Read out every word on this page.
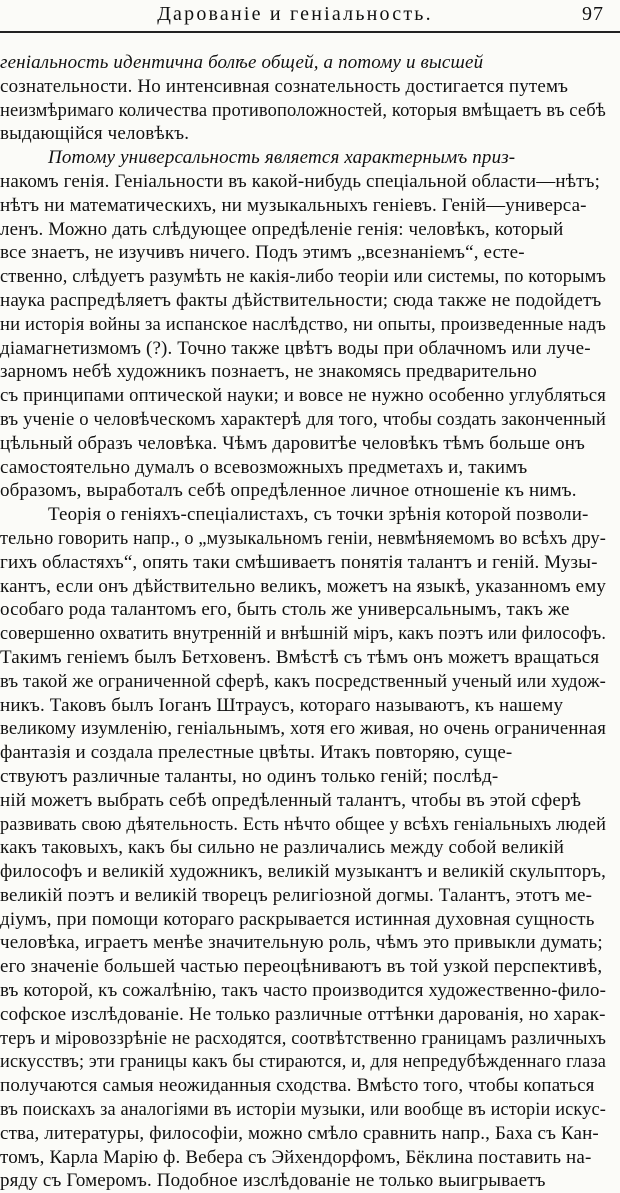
Дарованіе и геніальность.	97
геніальность идентична болѣе общей, а потому и высшей
сознательности. Но интенсивная сознательность достигается путемъ
неизмѣримаго количества противоположностей, которыя вмѣщаетъ въ себѣ
выдающійся человѣкъ.
Потому универсальность является характернымъ приз-
накомъ генія. Геніальности въ какой-нибудь спеціальной области—нѣтъ;
нѣтъ ни математическихъ, ни музыкальныхъ геніевъ. Геній—универса-
ленъ. Можно дать слѣдующее опредѣленіе генія: человѣкъ, который
все знаетъ, не изучивъ ничего. Подъ этимъ „всезнаніемъ“, есте-
ственно, слѣдуетъ разумѣть не какія-либо теоріи или системы, по которымъ
наука распредѣляетъ факты дѣйствительности; сюда также не подойдетъ
ни исторія войны за испанское наслѣдство, ни опыты, произведенные надъ
діамагнетизмомъ (?). Точно также цвѣтъ воды при облачномъ или луче-
зарномъ небѣ художникъ познаетъ, не знакомясь предварительно
съ принципами оптической науки; и вовсе не нужно особенно углубляться
въ ученіе о человѣческомъ характерѣ для того, чтобы создать законченный
цѣльный образъ человѣка. Чѣмъ даровитѣе человѣкъ тѣмъ больше онъ
самостоятельно думалъ о всевозможныхъ предметахъ и, такимъ
образомъ, выработалъ себѣ опредѣленное личное отношеніе къ нимъ.
Теорія о геніяхъ-спеціалистахъ, съ точки зрѣнія которой позволи-
тельно говорить напр., о „музыкальномъ геніи, невмѣняемомъ во всѣхъ дру-
гихъ областяхъ“, опять таки смѣшиваетъ понятія талантъ и геній. Музы-
кантъ, если онъ дѣйствительно великъ, можетъ на языкѣ, указанномъ ему
особаго рода талантомъ его, быть столь же универсальнымъ, такъ же
совершенно охватить внутренній и внѣшній міръ, какъ поэтъ или философъ.
Такимъ геніемъ былъ Бетховенъ. Вмѣстѣ съ тѣмъ онъ можетъ вращаться
въ такой же ограниченной сферѣ, какъ посредственный ученый или худож-
никъ. Таковъ былъ Іоганъ Штраусъ, котораго называютъ, къ нашему
великому изумленію, геніальнымъ, хотя его живая, но очень ограниченная
фантазія и создала прелестные цвѣты. Итакъ повторяю, суще-
ствуютъ различные таланты, но одинъ только геній; послѣд-
ній можетъ выбрать себѣ опредѣленный талантъ, чтобы въ этой сферѣ
развивать свою дѣятельность. Есть нѣчто общее у всѣхъ геніальныхъ людей
какъ таковыхъ, какъ бы сильно не различались между собой великій
философъ и великій художникъ, великій музыкантъ и великій скульпторъ,
великій поэтъ и великій творецъ религіозной догмы. Талантъ, этотъ ме-
діумъ, при помощи котораго раскрывается истинная духовная сущность
человѣка, играетъ менѣе значительную роль, чѣмъ это привыкли думать;
его значеніе большей частью переоцѣниваютъ въ той узкой перспективѣ,
въ которой, къ сожалѣнію, такъ часто производится художественно-фило-
софское изслѣдованіе. Не только различные оттѣнки дарованія, но харак-
теръ и міровоззрѣніе не расходятся, соотвѣтственно границамъ различныхъ
искусствъ; эти границы какъ бы стираются, и, для непредубѣжденнаго глаза
получаются самыя неожиданныя сходства. Вмѣсто того, чтобы копаться
въ поискахъ за аналогіями въ исторіи музыки, или вообще въ исторіи искус-
ства, литературы, философіи, можно смѣло сравнить напр., Баха съ Кан-
томъ, Карла Марію ф. Вебера съ Эйхендорфомъ, Бёклина поставить на-
ряду съ Гомеромъ. Подобное изслѣдованіе не только выигрываетъ
